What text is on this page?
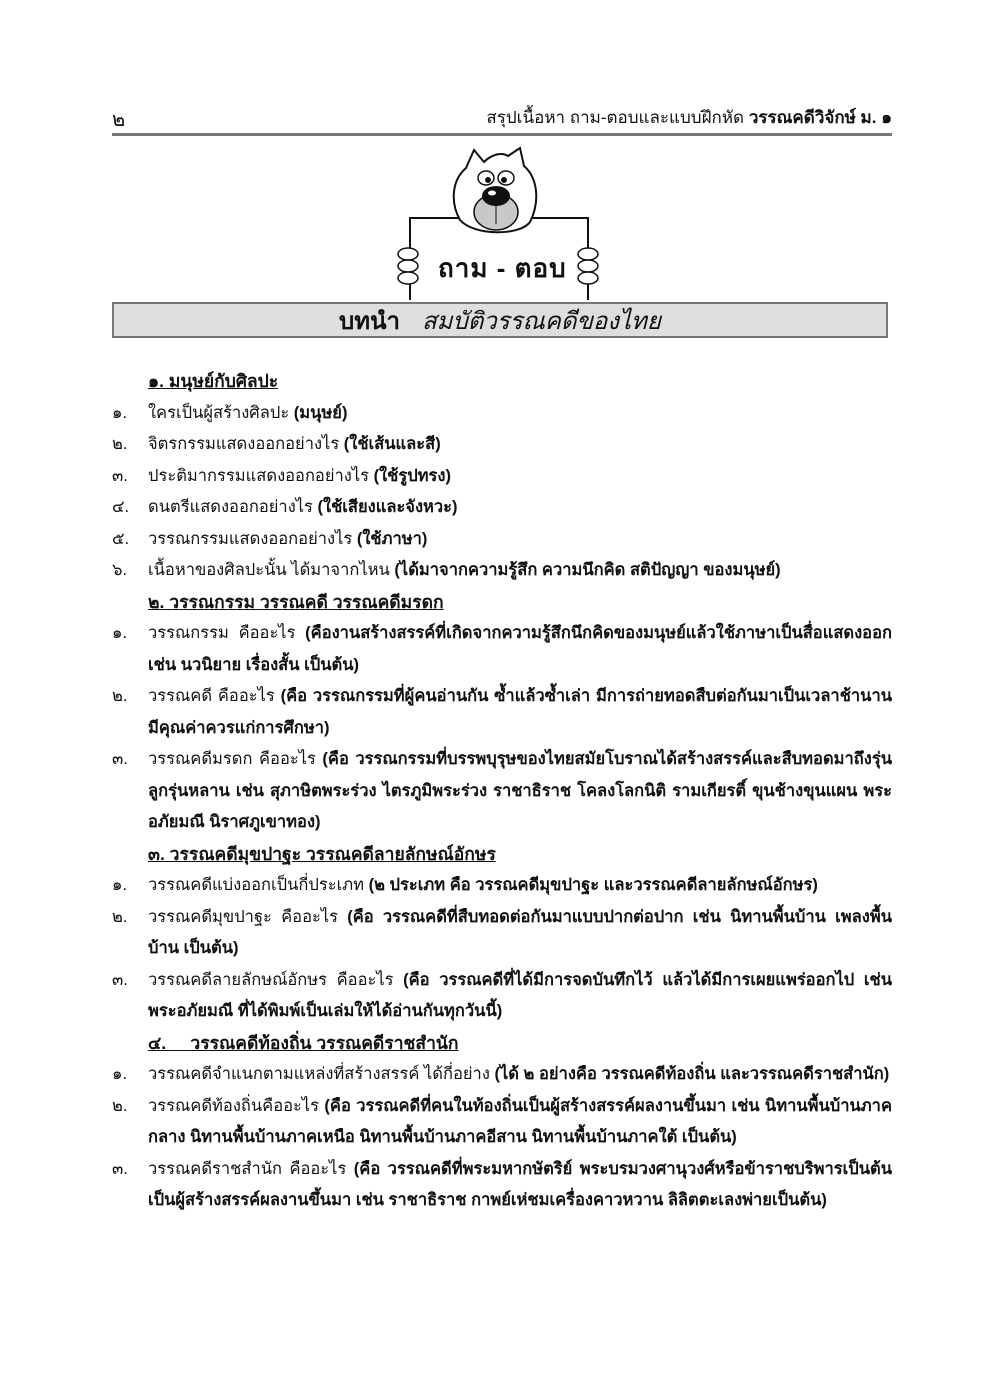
๒	สรุปเนื้อหา ถาม-ตอบและแบบฝึกหัด วรรณคดีวิจักษ์ ม. ๑
ถาม - ตอบ
บทนำ สมบัติวรรณคดีของไทย
๑. มนุษย์กับศิลปะ
๑.	ใครเป็นผู้สร้างศิลปะ (มนุษย์)
๒.	จิตรกรรมแสดงออกอย่างไร (ใช้เส้นและสี)
๓.	ประติมากรรมแสดงออกอย่างไร (ใช้รูปทรง)
๔.	ดนตรีแสดงออกอย่างไร (ใช้เสียงและจังหวะ)
๕.	วรรณกรรมแสดงออกอย่างไร (ใช้ภาษา)
๖.	เนื้อหาของศิลปะนั้น ได้มาจากไหน (ได้มาจากความรู้สึก ความนึกคิด สติปัญญา ของมนุษย์)
๒. วรรณกรรม วรรณคดี วรรณคดีมรดก
๑.	วรรณกรรม คืออะไร (คืองานสร้างสรรค์ที่เกิดจากความรู้สึกนึกคิดของมนุษย์แล้วใช้ภาษาเป็นสื่อแสดงออก เช่น นวนิยาย เรื่องสั้น เป็นต้น)
๒.	วรรณคดี คืออะไร (คือ วรรณกรรมที่ผู้คนอ่านกัน ซ้ำแล้วซ้ำเล่า มีการถ่ายทอดสืบต่อกันมาเป็นเวลาช้านาน มีคุณค่าควรแก่การศึกษา)
๓.	วรรณคดีมรดก คืออะไร (คือ วรรณกรรมที่บรรพบุรุษของไทยสมัยโบราณได้สร้างสรรค์และสืบทอดมาถึงรุ่นลูกรุ่นหลาน เช่น สุภาษิตพระร่วง ไตรภูมิพระร่วง ราชาธิราช โคลงโลกนิติ รามเกียรติ์ ขุนช้างขุนแผน พระอภัยมณี นิราศภูเขาทอง)
๓. วรรณคดีมุขปาฐะ วรรณคดีลายลักษณ์อักษร
๑.	วรรณคดีแบ่งออกเป็นกี่ประเภท (๒ ประเภท คือ วรรณคดีมุขปาฐะ และวรรณคดีลายลักษณ์อักษร)
๒.	วรรณคดีมุขปาฐะ คืออะไร (คือ วรรณคดีที่สืบทอดต่อกันมาแบบปากต่อปาก เช่น นิทานพื้นบ้าน เพลงพื้นบ้าน เป็นต้น)
๓.	วรรณคดีลายลักษณ์อักษร คืออะไร (คือ วรรณคดีที่ได้มีการจดบันทึกไว้ แล้วได้มีการเผยแพร่ออกไป เช่น พระอภัยมณี ที่ได้พิมพ์เป็นเล่มให้ได้อ่านกันทุกวันนี้)
๔.     วรรณคดีท้องถิ่น วรรณคดีราชสำนัก
๑.	วรรณคดีจำแนกตามแหล่งที่สร้างสรรค์ ได้กี่อย่าง (ได้ ๒ อย่างคือ วรรณคดีท้องถิ่น และวรรณคดีราชสำนัก)
๒.	วรรณคดีท้องถิ่นคืออะไร (คือ วรรณคดีที่คนในท้องถิ่นเป็นผู้สร้างสรรค์ผลงานขึ้นมา เช่น นิทานพื้นบ้านภาคกลาง นิทานพื้นบ้านภาคเหนือ นิทานพื้นบ้านภาคอีสาน นิทานพื้นบ้านภาคใต้ เป็นต้น)
๓.	วรรณคดีราชสำนัก คืออะไร (คือ วรรณคดีที่พระมหากษัตริย์ พระบรมวงศานุวงศ์หรือข้าราชบริพารเป็นต้น เป็นผู้สร้างสรรค์ผลงานขึ้นมา เช่น ราชาธิราช กาพย์เห่ชมเครื่องคาวหวาน ลิลิตตะเลงพ่ายเป็นต้น)
